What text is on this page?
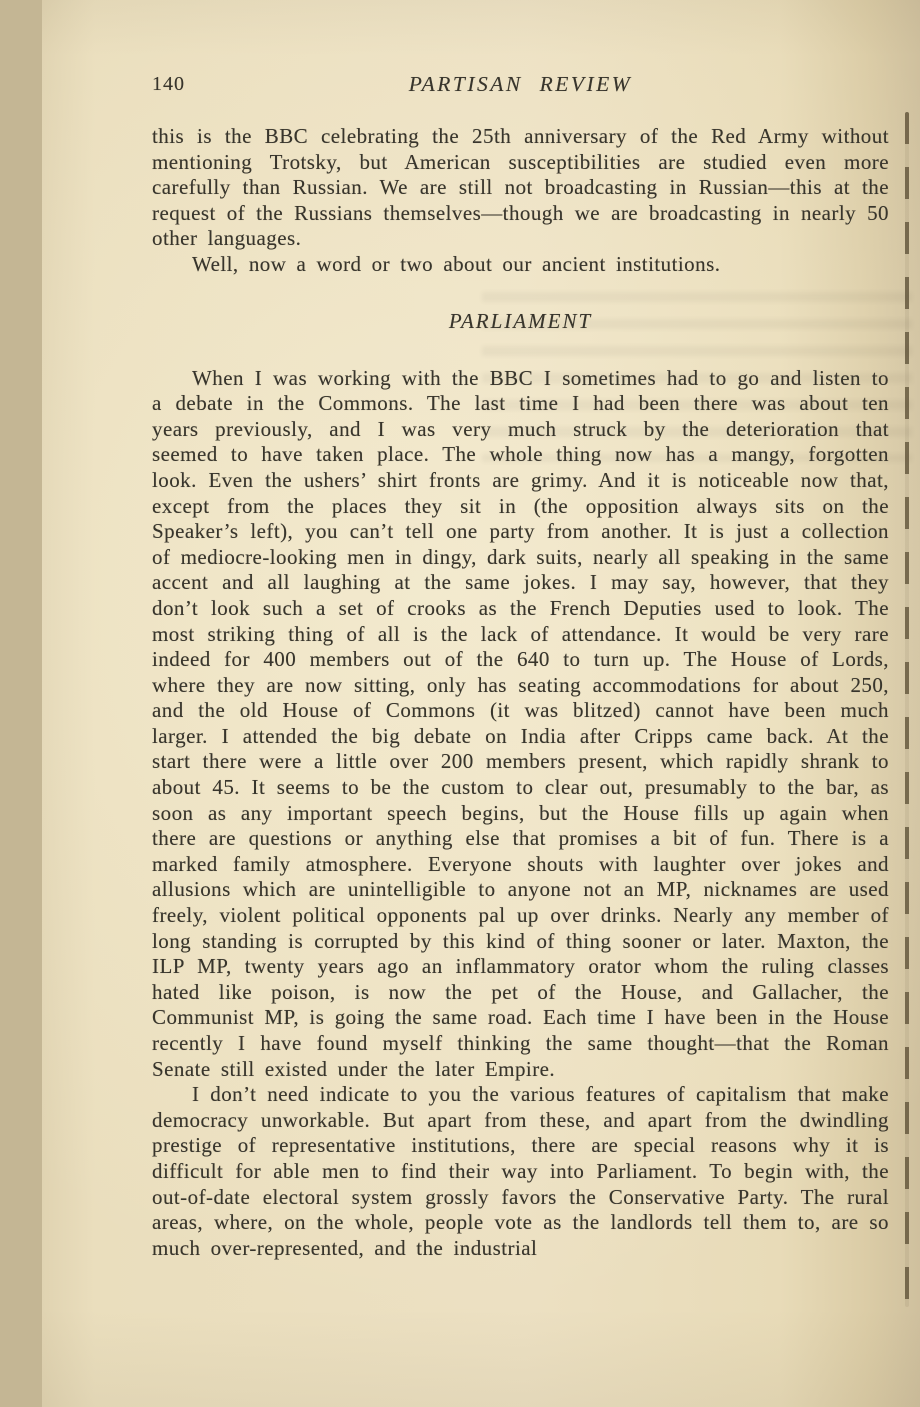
140	PARTISAN REVIEW

this is the BBC celebrating the 25th anniversary of the Red Army without mentioning Trotsky, but American susceptibilities are studied even more carefully than Russian. We are still not broadcasting in Russian—this at the request of the Russians themselves—though we are broadcasting in nearly 50 other languages.

Well, now a word or two about our ancient institutions.

PARLIAMENT

When I was working with the BBC I sometimes had to go and listen to a debate in the Commons. The last time I had been there was about ten years previously, and I was very much struck by the deterioration that seemed to have taken place. The whole thing now has a mangy, forgotten look. Even the ushers’ shirt fronts are grimy. And it is noticeable now that, except from the places they sit in (the opposition always sits on the Speaker’s left), you can’t tell one party from another. It is just a collection of mediocre-looking men in dingy, dark suits, nearly all speaking in the same accent and all laughing at the same jokes. I may say, however, that they don’t look such a set of crooks as the French Deputies used to look. The most striking thing of all is the lack of attendance. It would be very rare indeed for 400 members out of the 640 to turn up. The House of Lords, where they are now sitting, only has seating accommodations for about 250, and the old House of Commons (it was blitzed) cannot have been much larger. I attended the big debate on India after Cripps came back. At the start there were a little over 200 members present, which rapidly shrank to about 45. It seems to be the custom to clear out, presumably to the bar, as soon as any important speech begins, but the House fills up again when there are questions or anything else that promises a bit of fun. There is a marked family atmosphere. Everyone shouts with laughter over jokes and allusions which are unintelligible to anyone not an MP, nicknames are used freely, violent political opponents pal up over drinks. Nearly any member of long standing is corrupted by this kind of thing sooner or later. Maxton, the ILP MP, twenty years ago an inflammatory orator whom the ruling classes hated like poison, is now the pet of the House, and Gallacher, the Communist MP, is going the same road. Each time I have been in the House recently I have found myself thinking the same thought—that the Roman Senate still existed under the later Empire.

I don’t need indicate to you the various features of capitalism that make democracy unworkable. But apart from these, and apart from the dwindling prestige of representative institutions, there are special reasons why it is difficult for able men to find their way into Parliament. To begin with, the out-of-date electoral system grossly favors the Conservative Party. The rural areas, where, on the whole, people vote as the landlords tell them to, are so much over-represented, and the industrial
